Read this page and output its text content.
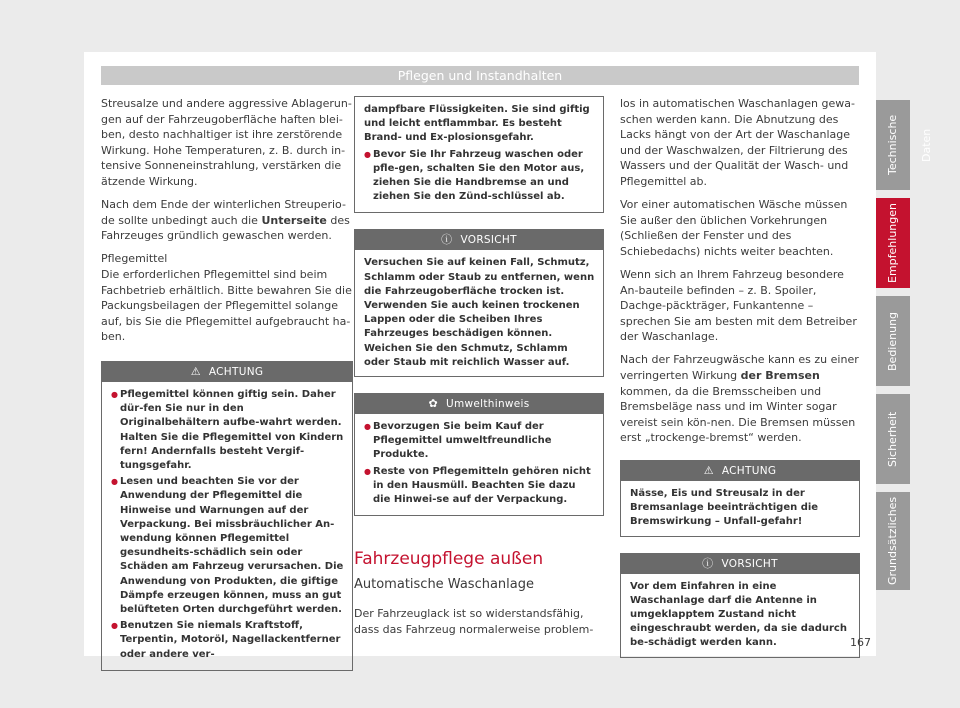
Pflegen und Instandhalten

Streusalze und andere aggressive Ablagerun-gen auf der Fahrzeugoberfläche haften blei-ben, desto nachhaltiger ist ihre zerstörende Wirkung. Hohe Temperaturen, z. B. durch in-tensive Sonneneinstrahlung, verstärken die ätzende Wirkung.

Nach dem Ende der winterlichen Streuperio-de sollte unbedingt auch die Unterseite des Fahrzeuges gründlich gewaschen werden.

Pflegemittel

Die erforderlichen Pflegemittel sind beim Fachbetrieb erhältlich. Bitte bewahren Sie die Packungsbeilagen der Pflegemittel solange auf, bis Sie die Pflegemittel aufgebraucht ha-ben.

⚠ ACHTUNG
● Pflegemittel können giftig sein. Daher dür-fen Sie nur in den Originalbehältern aufbe-wahrt werden. Halten Sie die Pflegemittel von Kindern fern! Andernfalls besteht Vergif-tungsgefahr.
● Lesen und beachten Sie vor der Anwendung der Pflegemittel die Hinweise und Warnungen auf der Verpackung. Bei missbräuchlicher An-wendung können Pflegemittel gesundheits-schädlich sein oder Schäden am Fahrzeug verursachen. Die Anwendung von Produkten, die giftige Dämpfe erzeugen können, muss an gut belüfteten Orten durchgeführt werden.
● Benutzen Sie niemals Kraftstoff, Terpentin, Motoröl, Nagellackentferner oder andere ver-
dampfbare Flüssigkeiten. Sie sind giftig und leicht entflammbar. Es besteht Brand- und Ex-plosionsgefahr.
● Bevor Sie Ihr Fahrzeug waschen oder pfle-gen, schalten Sie den Motor aus, ziehen Sie die Handbremse an und ziehen Sie den Zünd-schlüssel ab.
ⓘ VORSICHT
Versuchen Sie auf keinen Fall, Schmutz, Schlamm oder Staub zu entfernen, wenn die Fahrzeugoberfläche trocken ist. Verwenden Sie auch keinen trockenen Lappen oder die Scheiben Ihres Fahrzeuges beschädigen können. Weichen Sie den Schmutz, Schlamm oder Staub mit reichlich Wasser auf.
✿ Umwelthinweis
● Bevorzugen Sie beim Kauf der Pflegemittel umweltfreundliche Produkte.
● Reste von Pflegemitteln gehören nicht in den Hausmüll. Beachten Sie dazu die Hinwei-se auf der Verpackung.
Fahrzeugpflege außen
Automatische Waschanlage

Der Fahrzeuglack ist so widerstandsfähig, dass das Fahrzeug normalerweise problem-

los in automatischen Waschanlagen gewa-schen werden kann. Die Abnutzung des Lacks hängt von der Art der Waschanlage und der Waschwalzen, der Filtrierung des Wassers und der Qualität der Wasch- und Pflegemittel ab.

Vor einer automatischen Wäsche müssen Sie außer den üblichen Vorkehrungen (Schließen der Fenster und des Schiebedachs) nichts weiter beachten.

Wenn sich an Ihrem Fahrzeug besondere An-bauteile befinden – z. B. Spoiler, Dachge-päckträger, Funkantenne – sprechen Sie am besten mit dem Betreiber der Waschanlage.

Nach der Fahrzeugwäsche kann es zu einer verringerten Wirkung der Bremsen kommen, da die Bremsscheiben und Bremsbeläge nass und im Winter sogar vereist sein kön-nen. Die Bremsen müssen erst „trockenge-bremst“ werden.

⚠ ACHTUNG
Nässe, Eis und Streusalz in der Bremsanlage beeinträchtigen die Bremswirkung – Unfall-gefahr!
ⓘ VORSICHT
Vor dem Einfahren in eine Waschanlage darf die Antenne in umgeklapptem Zustand nicht eingeschraubt werden, da sie dadurch be-schädigt werden kann.
Technische Daten
Empfehlungen
Bedienung
Sicherheit
Grundsätzliches
167
